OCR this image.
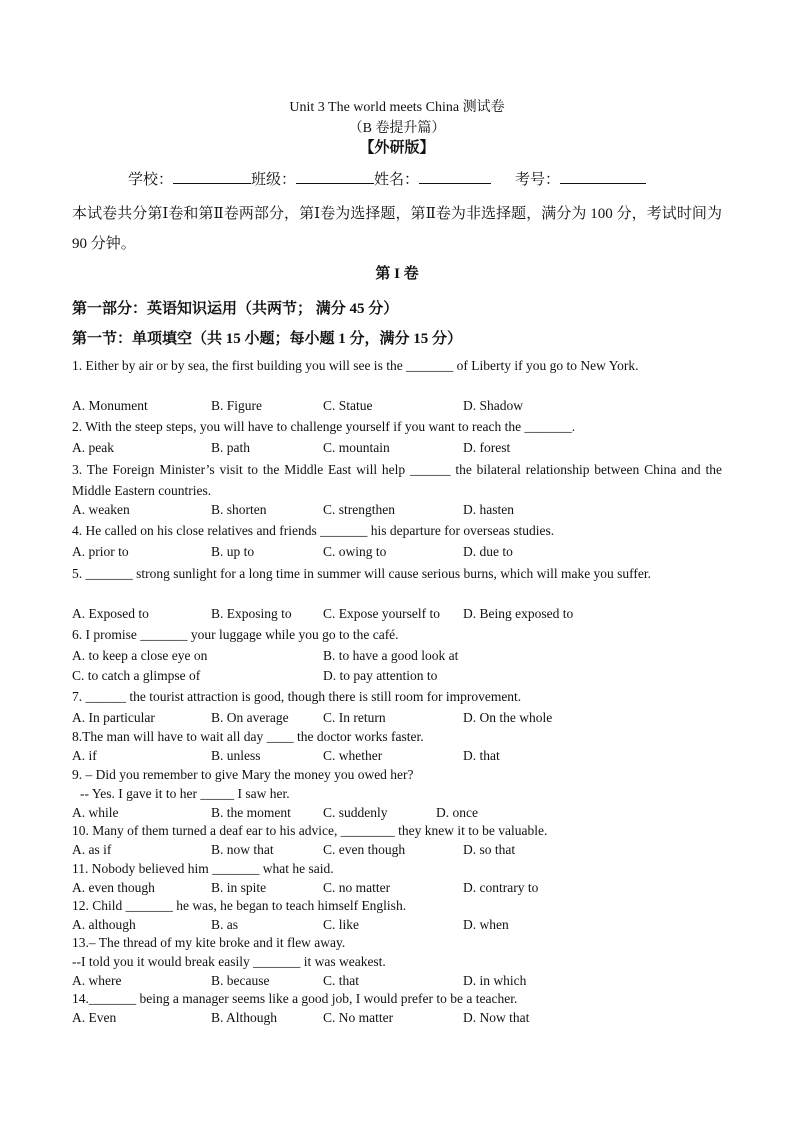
Unit 3 The world meets China 测试卷
（B 卷提升篇）
【外研版】
学校：	班级：	姓名：	考号：
本试卷共分第Ⅰ卷和第Ⅱ卷两部分，第Ⅰ卷为选择题，第Ⅱ卷为非选择题，满分为 100 分，考试时间为 90 分钟。
第 I 卷
第一部分：英语知识运用（共两节； 满分 45 分）
第一节：单项填空（共 15 小题；每小题 1 分，满分 15 分）
1. Either by air or by sea, the first building you will see is the _______ of Liberty if you go to New York.
A. Monument	B. Figure	C. Statue	D. Shadow
2. With the steep steps, you will have to challenge yourself if you want to reach the _______.
A. peak	B. path	C. mountain	D. forest
3. The Foreign Minister’s visit to the Middle East will help ______ the bilateral relationship between China and the Middle Eastern countries.
A. weaken	B. shorten	C. strengthen	D. hasten
4. He called on his close relatives and friends _______ his departure for overseas studies.
A. prior to	B. up to	C. owing to	D. due to
5. _______ strong sunlight for a long time in summer will cause serious burns, which will make you suffer.
A. Exposed to	B. Exposing to C. Expose yourself to D. Being exposed to
6. I promise _______ your luggage while you go to the café.
A. to keep a close eye on	B. to have a good look at
C. to catch a glimpse of	D. to pay attention to
7. ______ the tourist attraction is good, though there is still room for improvement.
A. In particular	B. On average	C. In return	D. On the whole
8.The man will have to wait all day ____ the doctor works faster.
A. if	B. unless	C. whether	D. that
9. – Did you remember to give Mary the money you owed her?
-- Yes. I gave it to her _____ I saw her.
A. while	B. the moment C. suddenly	D. once
10. Many of them turned a deaf ear to his advice, ________ they knew it to be valuable.
A. as if	B. now that	C. even though	D. so that
11. Nobody believed him _______ what he said.
A. even though	B. in spite	C. no matter	D. contrary to
12. Child _______ he was, he began to teach himself English.
A. although	B. as	C. like	D. when
13.– The thread of my kite broke and it flew away.
--I told you it would break easily _______ it was weakest.
A. where	B. because	C. that	D. in which
14._______ being a manager seems like a good job, I would prefer to be a teacher.
A. Even	B. Although	C. No matter	D. Now that
